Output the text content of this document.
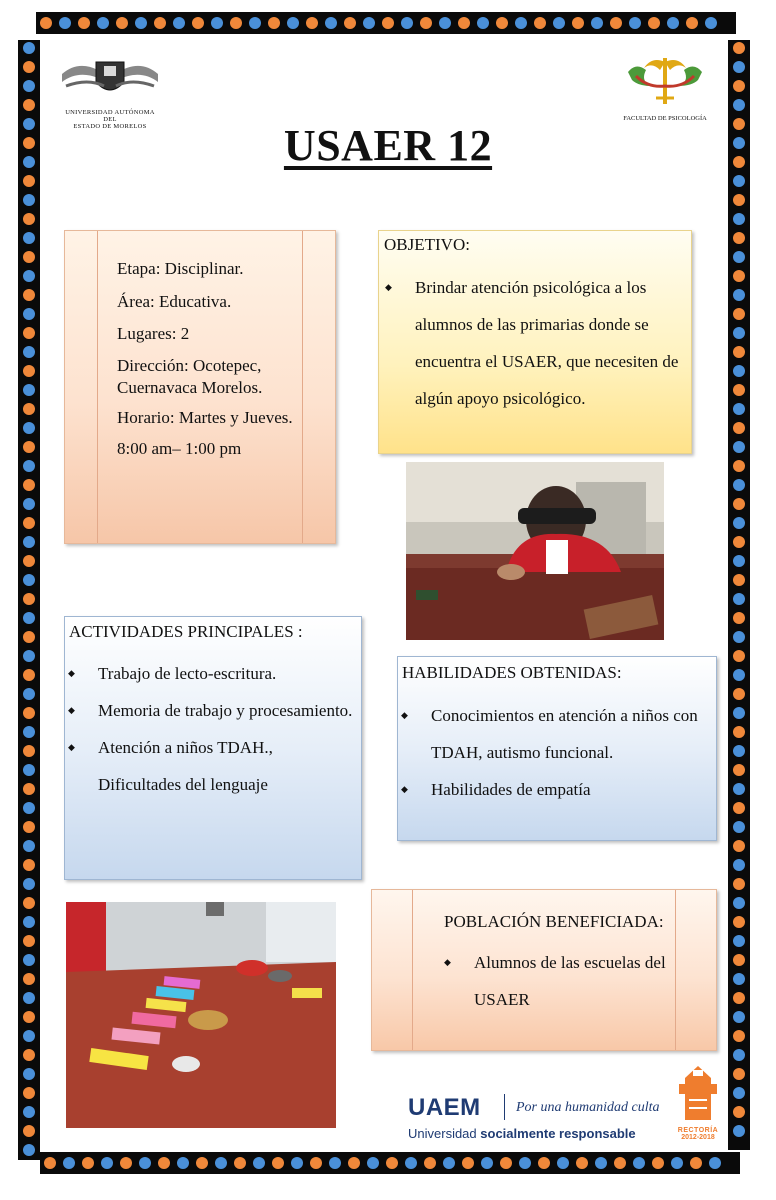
UNIVERSIDAD AUTÓNOMA DEL
ESTADO DE MORELOS
FACULTAD DE PSICOLOGÍA
USAER 12

Etapa: Disciplinar.

Área: Educativa.

Lugares: 2

Dirección: Ocotepec, Cuernavaca Morelos.

Horario: Martes y Jueves.

8:00 am– 1:00 pm

OBJETIVO:
◆ Brindar atención psicológica a los alumnos de las primarias donde se encuentra el USAER, que necesiten de algún apoyo psicológico.
ACTIVIDADES PRINCIPALES :
◆ Trabajo de lecto-escritura.
◆ Memoria de trabajo y procesamiento.
◆ Atención a niños TDAH., Dificultades del lenguaje
HABILIDADES OBTENIDAS:
◆ Conocimientos en atención a niños con TDAH, autismo funcional.
◆ Habilidades de empatía
POBLACIÓN BENEFICIADA:
◆ Alumnos de las escuelas del USAER
UAEM	Por una humanidad culta
Universidad socialmente responsable	RECTORÍA
2012-2018
